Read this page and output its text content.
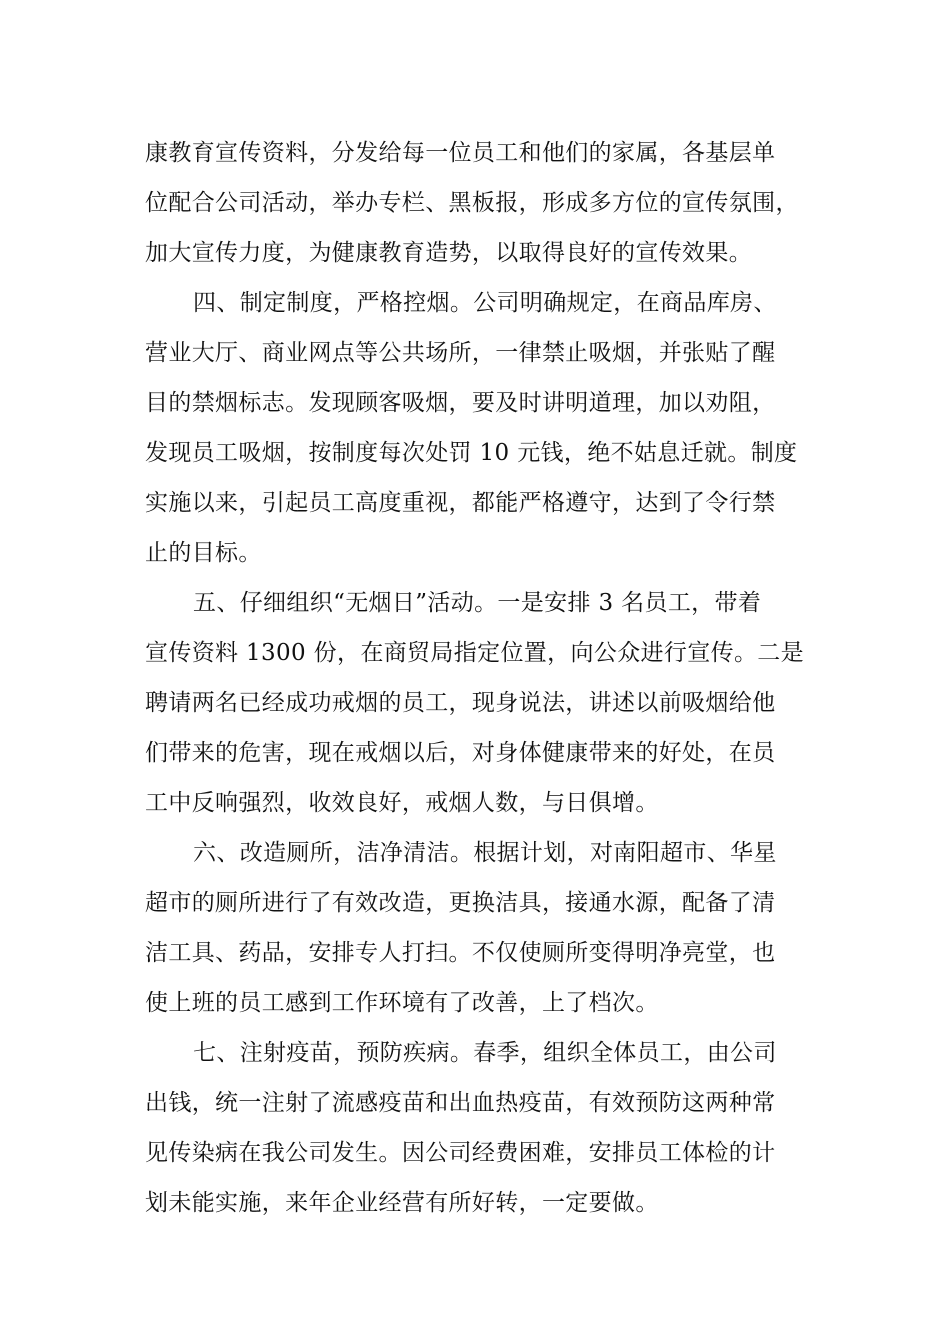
康教育宣传资料，分发给每一位员工和他们的家属，各基层单
位配合公司活动，举办专栏、黑板报，形成多方位的宣传氛围，
加大宣传力度，为健康教育造势，以取得良好的宣传效果。
四、制定制度，严格控烟。公司明确规定，在商品库房、
营业大厅、商业网点等公共场所，一律禁止吸烟，并张贴了醒
目的禁烟标志。发现顾客吸烟，要及时讲明道理，加以劝阻，
发现员工吸烟，按制度每次处罚 10 元钱，绝不姑息迁就。制度
实施以来，引起员工高度重视，都能严格遵守，达到了令行禁
止的目标。
五、仔细组织“无烟日”活动。一是安排 3 名员工，带着
宣传资料 1300 份，在商贸局指定位置，向公众进行宣传。二是
聘请两名已经成功戒烟的员工，现身说法，讲述以前吸烟给他
们带来的危害，现在戒烟以后，对身体健康带来的好处，在员
工中反响强烈，收效良好，戒烟人数，与日俱增。
六、改造厕所，洁净清洁。根据计划，对南阳超市、华星
超市的厕所进行了有效改造，更换洁具，接通水源，配备了清
洁工具、药品，安排专人打扫。不仅使厕所变得明净亮堂，也
使上班的员工感到工作环境有了改善，上了档次。
七、注射疫苗，预防疾病。春季，组织全体员工，由公司
出钱，统一注射了流感疫苗和出血热疫苗，有效预防这两种常
见传染病在我公司发生。因公司经费困难，安排员工体检的计
划未能实施，来年企业经营有所好转，一定要做。
